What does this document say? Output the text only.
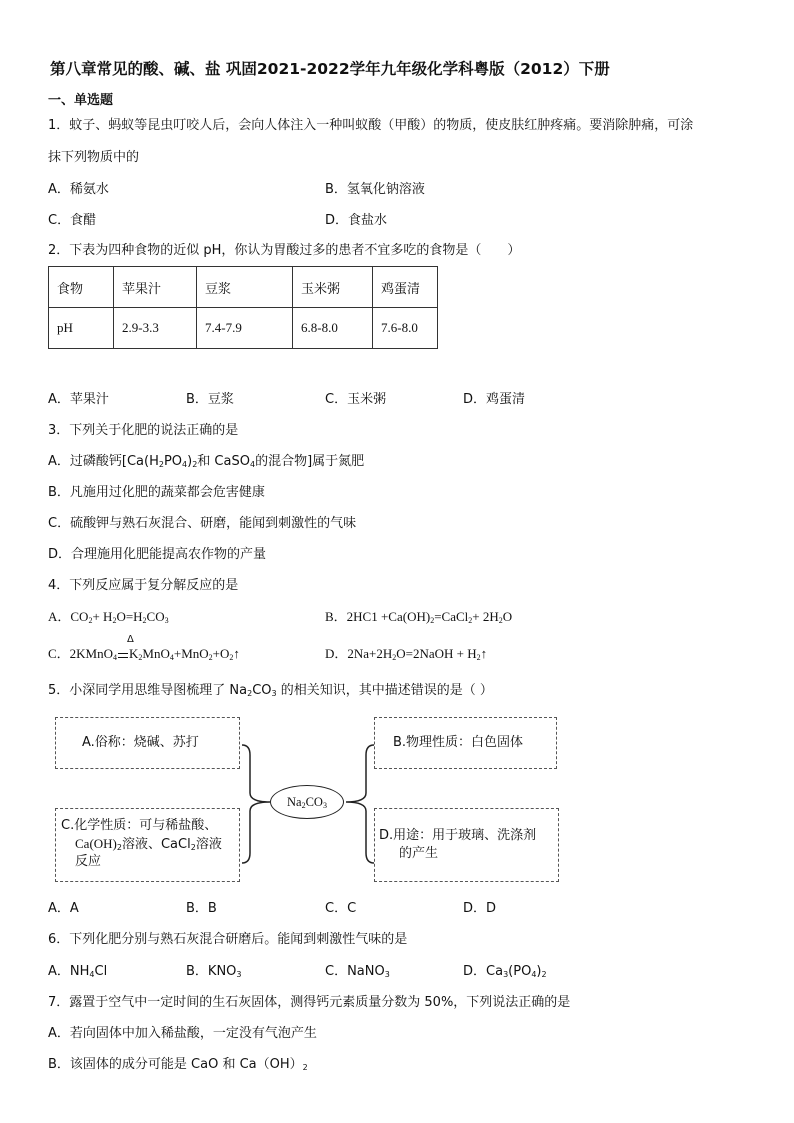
第八章常见的酸、碱、盐 巩固2021-2022学年九年级化学科粤版（2012）下册
一、单选题
1．蚊子、蚂蚁等昆虫叮咬人后，会向人体注入一种叫蚁酸（甲酸）的物质，使皮肤红肿疼痛。要消除肿痛，可涂
抹下列物质中的
A．稀氨水	B．氢氧化钠溶液
C．食醋	D．食盐水
2．下表为四种食物的近似 pH，你认为胃酸过多的患者不宜多吃的食物是（　　）
食物	苹果汁	豆浆	玉米粥	鸡蛋清
pH	2.9-3.3	7.4-7.9	6.8-8.0	7.6-8.0
A．苹果汁	B．豆浆	C．玉米粥	D．鸡蛋清
3．下列关于化肥的说法正确的是
A．过磷酸钙[$Ca(H_2PO_4)_2$和 CaSO$_4$的混合物]属于氮肥
B．凡施用过化肥的蔬菜都会危害健康
C．硫酸钾与熟石灰混合、研磨，能闻到刺激性的气味
D．合理施用化肥能提高农作物的产量
4．下列反应属于复分解反应的是
A．$CO_2+ H_2O=H_2CO_3$	B．$2HC1 +Ca(OH)_2=CaCl_2+ 2H_2O$
Δ
C．2KMnO$_4$ $K_2MnO_4+MnO_2+O_2↑$	D．$2Na+2H_2O=2NaOH$ + $H_2↑$
5．小深同学用思维导图梳理了 $Na_2CO_3$ 的相关知识，其中描述错误的是（ ）
A.俗称：烧碱、苏打	B.物理性质：白色固体
C.化学性质：可与稀盐酸、
$Ca(OH)_2$溶液、CaCl$_2$溶液
反应
D.用途：用于玻璃、洗涤剂
的产生
$Na_2CO_3$
A．A	B．B	C．C	D．D
6．下列化肥分别与熟石灰混合研磨后。能闻到刺激性气味的是
A．$NH_4Cl$	B．$KNO_3$	C．NaNO$_3$	D．$Ca_3(PO_4)_2$
7．露置于空气中一定时间的生石灰固体，测得钙元素质量分数为 50%，下列说法正确的是
A．若向固体中加入稀盐酸，一定没有气泡产生
B．该固体的成分可能是 CaO 和 $Ca(OH)_2$
